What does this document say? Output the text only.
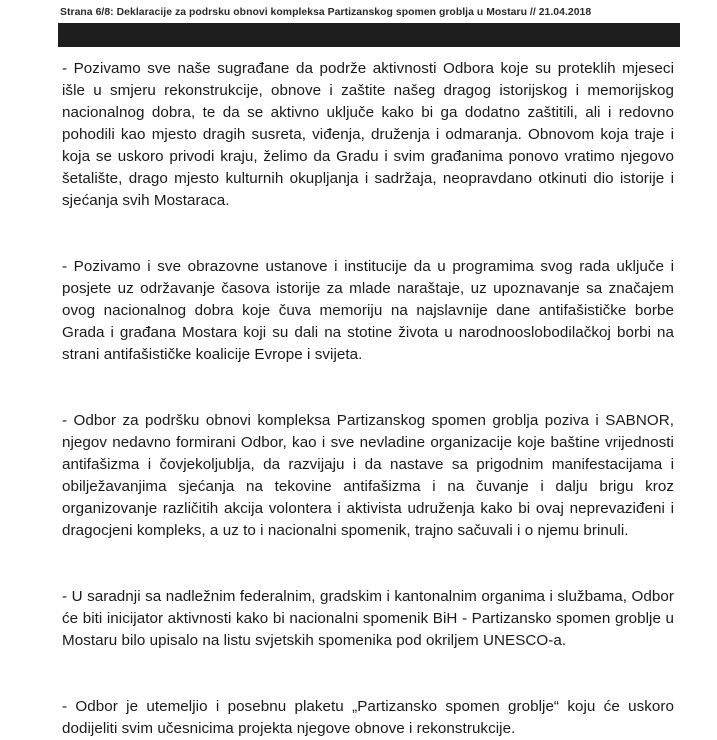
Strana 6/8: Deklaracije za podrsku obnovi kompleksa Partizanskog spomen groblja u Mostaru // 21.04.2018

- Pozivamo sve naše sugrađane da podrže aktivnosti Odbora koje su proteklih mjeseci išle u smjeru rekonstrukcije, obnove i zaštite našeg dragog istorijskog i memorijskog nacionalnog dobra, te da se aktivno uključe kako bi ga dodatno zaštitili, ali i redovno pohodili kao mjesto dragih susreta, viđenja, druženja i odmaranja. Obnovom koja traje i koja se uskoro privodi kraju, želimo da Gradu i svim građanima ponovo vratimo njegovo šetalište, drago mjesto kulturnih okupljanja i sadržaja, neopravdano otkinuti dio istorije i sjećanja svih Mostaraca.

- Pozivamo i sve obrazovne ustanove i institucije da u programima svog rada uključe i posjete uz održavanje časova istorije za mlade naraštaje, uz upoznavanje sa značajem ovog nacionalnog dobra koje čuva memoriju na najslavnije dane antifašističke borbe Grada i građana Mostara koji su dali na stotine života u narodnooslobodilačkoj borbi na strani antifašističke koalicije Evrope i svijeta.

- Odbor za podršku obnovi kompleksa Partizanskog spomen groblja poziva i SABNOR, njegov nedavno formirani Odbor, kao i sve nevladine organizacije koje baštine vrijednosti antifašizma i čovjekoljublja, da razvijaju i da nastave sa prigodnim manifestacijama i obilježavanjima sjećanja na tekovine antifašizma i na čuvanje i dalju brigu kroz organizovanje različitih akcija volontera i aktivista udruženja kako bi ovaj neprevaziđeni i dragocjeni kompleks, a uz to i nacionalni spomenik, trajno sačuvali i o njemu brinuli.

- U saradnji sa nadležnim federalnim, gradskim i kantonalnim organima i službama, Odbor će biti inicijator aktivnosti kako bi nacionalni spomenik BiH - Partizansko spomen groblje u Mostaru bilo upisalo na listu svjetskih spomenika pod okriljem UNESCO-a.

- Odbor je utemeljio i posebnu plaketu „Partizansko spomen groblje“ koju će uskoro dodijeliti svim učesnicima projekta njegove obnove i rekonstrukcije.
